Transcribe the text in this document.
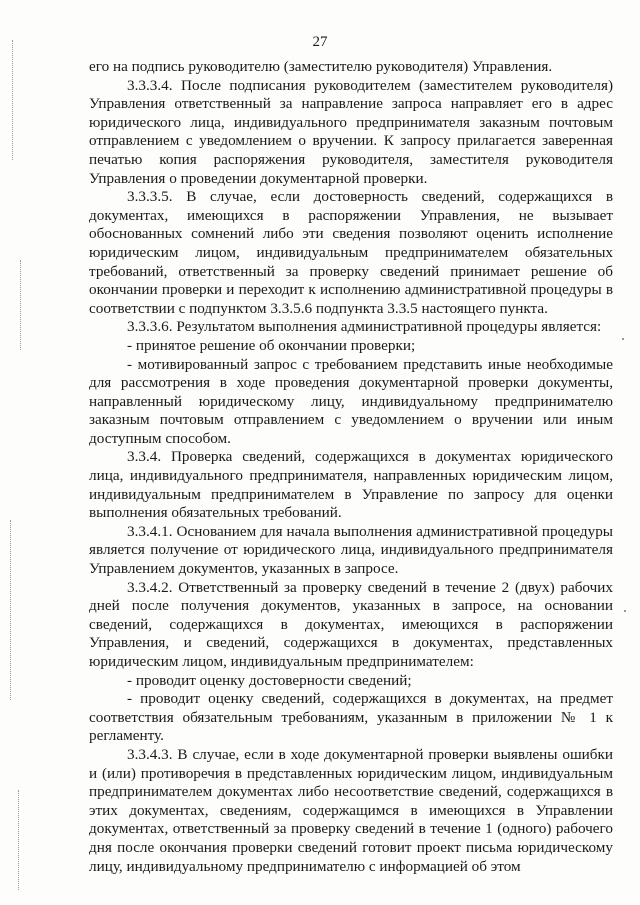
27

его на подпись руководителю (заместителю руководителя) Управления.

3.3.3.4. После подписания руководителем (заместителем руководителя) Управления ответственный за направление запроса направляет его в адрес юридического лица, индивидуального предпринимателя заказным почтовым отправлением с уведомлением о вручении. К запросу прилагается заверенная печатью копия распоряжения руководителя, заместителя руководителя Управления о проведении документарной проверки.

3.3.3.5. В случае, если достоверность сведений, содержащихся в документах, имеющихся в распоряжении Управления, не вызывает обоснованных сомнений либо эти сведения позволяют оценить исполнение юридическим лицом, индивидуальным предпринимателем обязательных требований, ответственный за проверку сведений принимает решение об окончании проверки и переходит к исполнению административной процедуры в соответствии с подпунктом 3.3.5.6 подпункта 3.3.5 настоящего пункта.

3.3.3.6. Результатом выполнения административной процедуры является:

- принятое решение об окончании проверки;

- мотивированный запрос с требованием представить иные необходимые для рассмотрения в ходе проведения документарной проверки документы, направленный юридическому лицу, индивидуальному предпринимателю заказным почтовым отправлением с уведомлением о вручении или иным доступным способом.

3.3.4. Проверка сведений, содержащихся в документах юридического лица, индивидуального предпринимателя, направленных юридическим лицом, индивидуальным предпринимателем в Управление по запросу для оценки выполнения обязательных требований.

3.3.4.1. Основанием для начала выполнения административной процедуры является получение от юридического лица, индивидуального предпринимателя Управлением документов, указанных в запросе.

3.3.4.2. Ответственный за проверку сведений в течение 2 (двух) рабочих дней после получения документов, указанных в запросе, на основании сведений, содержащихся в документах, имеющихся в распоряжении Управления, и сведений, содержащихся в документах, представленных юридическим лицом, индивидуальным предпринимателем:

- проводит оценку достоверности сведений;

- проводит оценку сведений, содержащихся в документах, на предмет соответствия обязательным требованиям, указанным в приложении № 1 к регламенту.

3.3.4.3. В случае, если в ходе документарной проверки выявлены ошибки и (или) противоречия в представленных юридическим лицом, индивидуальным предпринимателем документах либо несоответствие сведений, содержащихся в этих документах, сведениям, содержащимся в имеющихся в Управлении документах, ответственный за проверку сведений в течение 1 (одного) рабочего дня после окончания проверки сведений готовит проект письма юридическому лицу, индивидуальному предпринимателю с информацией об этом
